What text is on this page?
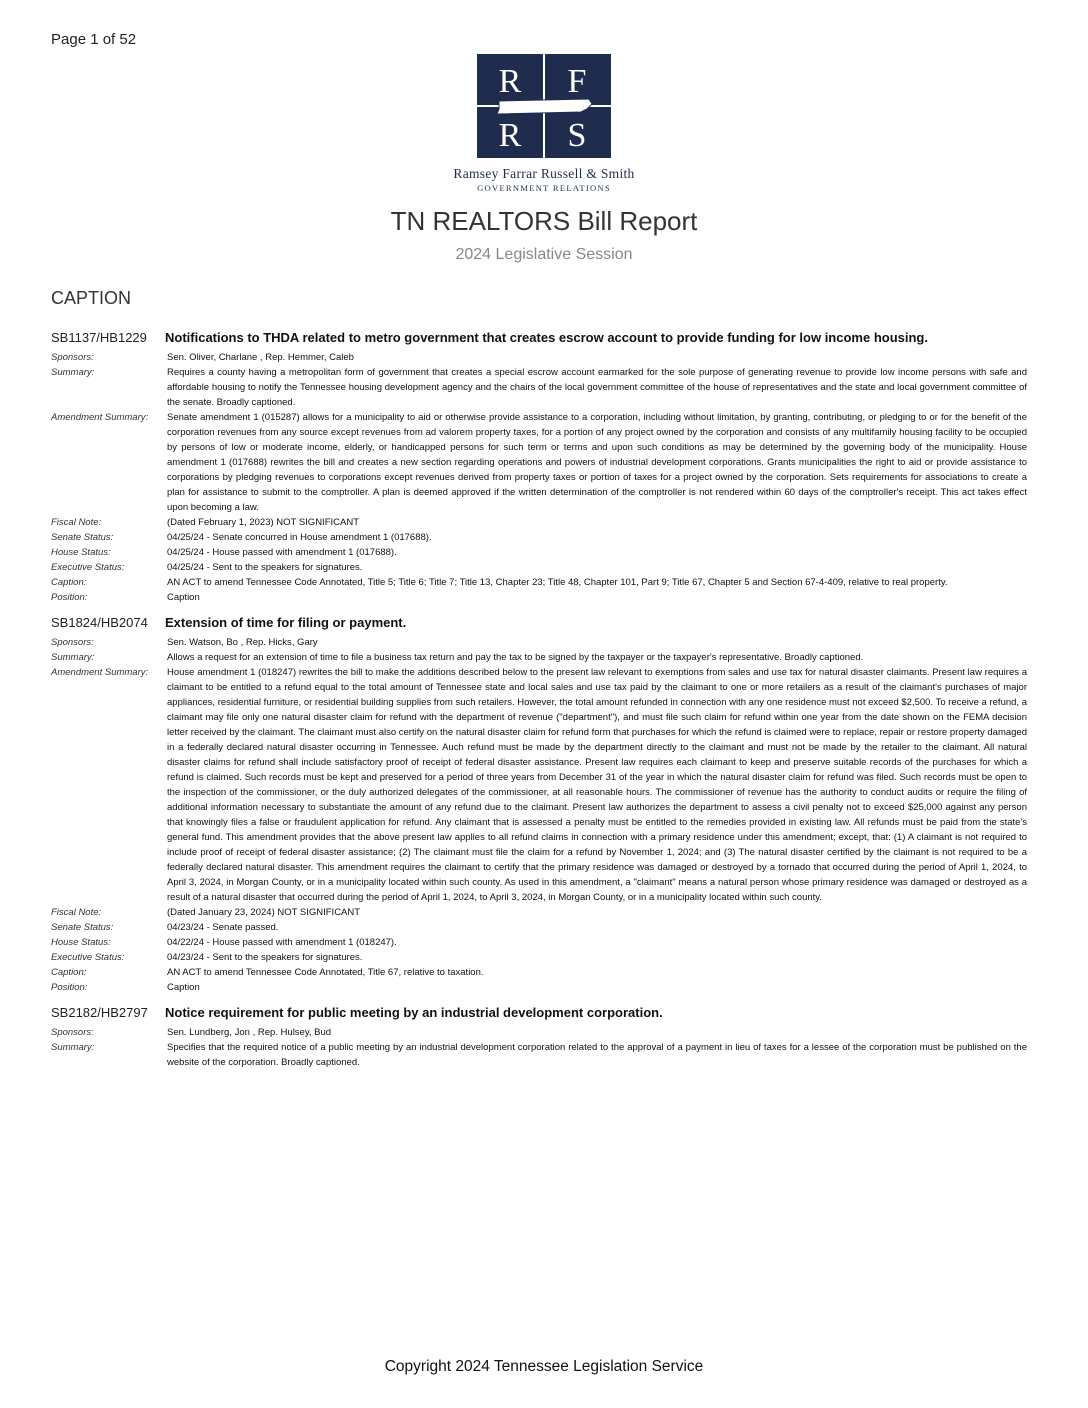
Page 1 of 52
R F
R S
Ramsey Farrar Russell & Smith
GOVERNMENT RELATIONS
TN REALTORS Bill Report
2024 Legislative Session
CAPTION
SB1137/HB1229	Notifications to THDA related to metro government that creates escrow account to provide funding for low income housing.
Sponsors:	Sen. Oliver, Charlane , Rep. Hemmer, Caleb
Summary:	Requires a county having a metropolitan form of government that creates a special escrow account earmarked for the sole purpose of generating revenue to provide low income persons with safe and affordable housing to notify the Tennessee housing development agency and the chairs of the local government committee of the house of representatives and the state and local government committee of the senate. Broadly captioned.
Amendment Summary:	Senate amendment 1 (015287) allows for a municipality to aid or otherwise provide assistance to a corporation, including without limitation, by granting, contributing, or pledging to or for the benefit of the corporation revenues from any source except revenues from ad valorem property taxes, for a portion of any project owned by the corporation and consists of any multifamily housing facility to be occupied by persons of low or moderate income, elderly, or handicapped persons for such term or terms and upon such conditions as may be determined by the governing body of the municipality. House amendment 1 (017688) rewrites the bill and creates a new section regarding operations and powers of industrial development corporations. Grants municipalities the right to aid or provide assistance to corporations by pledging revenues to corporations except revenues derived from property taxes or portion of taxes for a project owned by the corporation. Sets requirements for associations to create a plan for assistance to submit to the comptroller. A plan is deemed approved if the written determination of the comptroller is not rendered within 60 days of the comptroller's receipt. This act takes effect upon becoming a law.
Fiscal Note:	(Dated February 1, 2023) NOT SIGNIFICANT
Senate Status:	04/25/24 - Senate concurred in House amendment 1 (017688).
House Status:	04/25/24 - House passed with amendment 1 (017688).
Executive Status:	04/25/24 - Sent to the speakers for signatures.
Caption:	AN ACT to amend Tennessee Code Annotated, Title 5; Title 6; Title 7; Title 13, Chapter 23; Title 48, Chapter 101, Part 9; Title 67, Chapter 5 and Section 67-4-409, relative to real property.
Position:	Caption
SB1824/HB2074	Extension of time for filing or payment.
Sponsors:	Sen. Watson, Bo , Rep. Hicks, Gary
Summary:	Allows a request for an extension of time to file a business tax return and pay the tax to be signed by the taxpayer or the taxpayer's representative. Broadly captioned.
Amendment Summary:	House amendment 1 (018247) rewrites the bill to make the additions described below to the present law relevant to exemptions from sales and use tax for natural disaster claimants. Present law requires a claimant to be entitled to a refund equal to the total amount of Tennessee state and local sales and use tax paid by the claimant to one or more retailers as a result of the claimant's purchases of major appliances, residential furniture, or residential building supplies from such retailers. However, the total amount refunded in connection with any one residence must not exceed $2,500. To receive a refund, a claimant may file only one natural disaster claim for refund with the department of revenue ("department"), and must file such claim for refund within one year from the date shown on the FEMA decision letter received by the claimant. The claimant must also certify on the natural disaster claim for refund form that purchases for which the refund is claimed were to replace, repair or restore property damaged in a federally declared natural disaster occurring in Tennessee. Auch refund must be made by the department directly to the claimant and must not be made by the retailer to the claimant. All natural disaster claims for refund shall include satisfactory proof of receipt of federal disaster assistance. Present law requires each claimant to keep and preserve suitable records of the purchases for which a refund is claimed. Such records must be kept and preserved for a period of three years from December 31 of the year in which the natural disaster claim for refund was filed. Such records must be open to the inspection of the commissioner, or the duly authorized delegates of the commissioner, at all reasonable hours. The commissioner of revenue has the authority to conduct audits or require the filing of additional information necessary to substantiate the amount of any refund due to the claimant. Present law authorizes the department to assess a civil penalty not to exceed $25,000 against any person that knowingly files a false or fraudulent application for refund. Any claimant that is assessed a penalty must be entitled to the remedies provided in existing law. All refunds must be paid from the state's general fund. This amendment provides that the above present law applies to all refund claims in connection with a primary residence under this amendment; except, that: (1) A claimant is not required to include proof of receipt of federal disaster assistance; (2) The claimant must file the claim for a refund by November 1, 2024; and (3) The natural disaster certified by the claimant is not required to be a federally declared natural disaster. This amendment requires the claimant to certify that the primary residence was damaged or destroyed by a tornado that occurred during the period of April 1, 2024, to April 3, 2024, in Morgan County, or in a municipality located within such county. As used in this amendment, a "claimant" means a natural person whose primary residence was damaged or destroyed as a result of a natural disaster that occurred during the period of April 1, 2024, to April 3, 2024, in Morgan County, or in a municipality located within such county.
Fiscal Note:	(Dated January 23, 2024) NOT SIGNIFICANT
Senate Status:	04/23/24 - Senate passed.
House Status:	04/22/24 - House passed with amendment 1 (018247).
Executive Status:	04/23/24 - Sent to the speakers for signatures.
Caption:	AN ACT to amend Tennessee Code Annotated, Title 67, relative to taxation.
Position:	Caption
SB2182/HB2797	Notice requirement for public meeting by an industrial development corporation.
Sponsors:	Sen. Lundberg, Jon , Rep. Hulsey, Bud
Summary:	Specifies that the required notice of a public meeting by an industrial development corporation related to the approval of a payment in lieu of taxes for a lessee of the corporation must be published on the website of the corporation. Broadly captioned.
Copyright 2024 Tennessee Legislation Service
